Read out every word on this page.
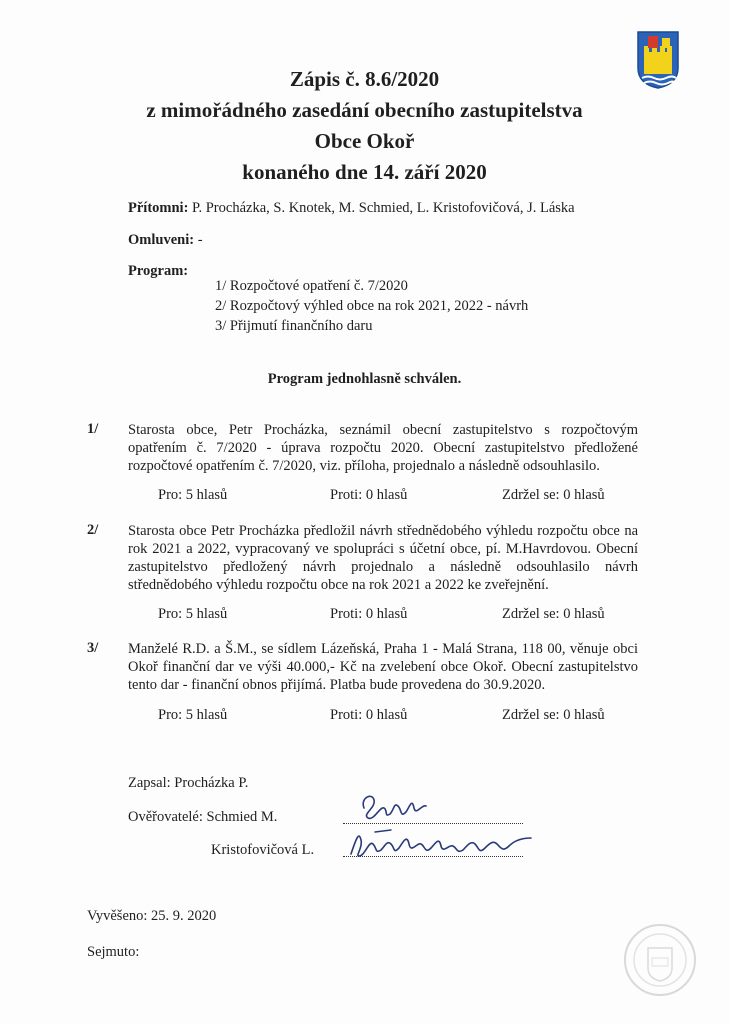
Zápis č. 8.6/2020
z mimořádného zasedání obecního zastupitelstva
Obce Okoř
konaného dne 14. září 2020
Přítomni: P. Procházka, S. Knotek, M. Schmied, L. Kristofovičová, J. Láska
Omluveni: -
Program:
1/ Rozpočtové opatření č. 7/2020
2/ Rozpočtový výhled obce na rok 2021, 2022 - návrh
3/ Přijmutí finančního daru
Program jednohlasně schválen.
1/ Starosta obce, Petr Procházka, seznámil obecní zastupitelstvo s rozpočtovým
opatřením č. 7/2020 - úprava rozpočtu 2020. Obecní zastupitelstvo předložené
rozpočtové opatřením č. 7/2020, viz. příloha, projednalo a následně odsouhlasilo.
Pro: 5 hlasů	Proti: 0 hlasů	Zdržel se: 0 hlasů
2/ Starosta obce Petr Procházka předložil návrh střednědobého výhledu rozpočtu obce na
rok 2021 a 2022, vypracovaný ve spolupráci s účetní obce, pí. M.Havrdovou. Obecní
zastupitelstvo předložený návrh projednalo a následně odsouhlasilo návrh
střednědobého výhledu rozpočtu obce na rok 2021 a 2022 ke zveřejnění.
Pro: 5 hlasů	Proti: 0 hlasů	Zdržel se: 0 hlasů
3/ Manželé R.D. a Š.M., se sídlem Lázeňská, Praha 1 - Malá Strana, 118 00, věnuje obci
Okoř finanční dar ve výši 40.000,- Kč na zvelebení obce Okoř. Obecní zastupitelstvo
tento dar - finanční obnos přijímá. Platba bude provedena do 30.9.2020.
Pro: 5 hlasů	Proti: 0 hlasů	Zdržel se: 0 hlasů
Zapsal: Procházka P.
Ověřovatelé: Schmied M.
Kristofovičová L.
Vyvěšeno: 25. 9. 2020
Sejmuto:
